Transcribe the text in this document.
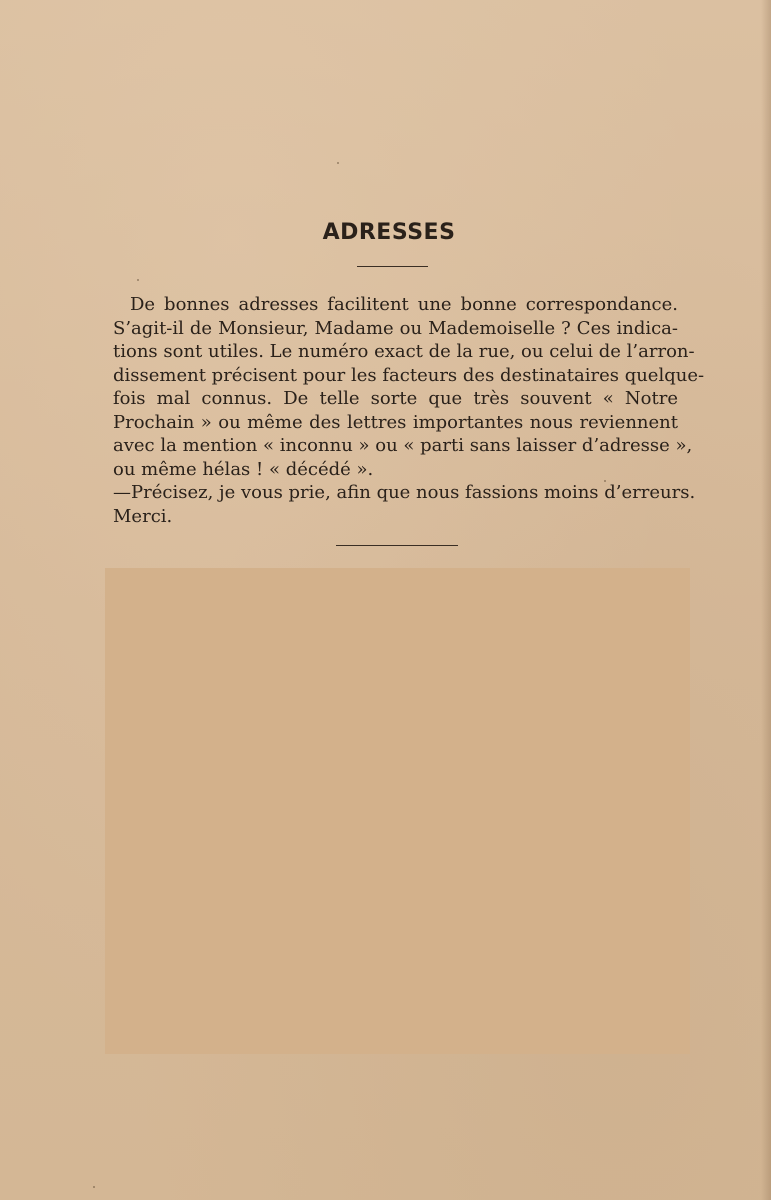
ADRESSES
De bonnes adresses facilitent une bonne correspondance.
S’agit-il de Monsieur, Madame ou Mademoiselle ? Ces indica-
tions sont utiles. Le numéro exact de la rue, ou celui de l’arron-
dissement précisent pour les facteurs des destinataires quelque-
fois mal connus. De telle sorte que très souvent « Notre
Prochain » ou même des lettres importantes nous reviennent
avec la mention « inconnu » ou « parti sans laisser d’adresse »,
ou même hélas ! « décédé ».
—Précisez, je vous prie, afin que nous fassions moins d’erreurs.
Merci.
